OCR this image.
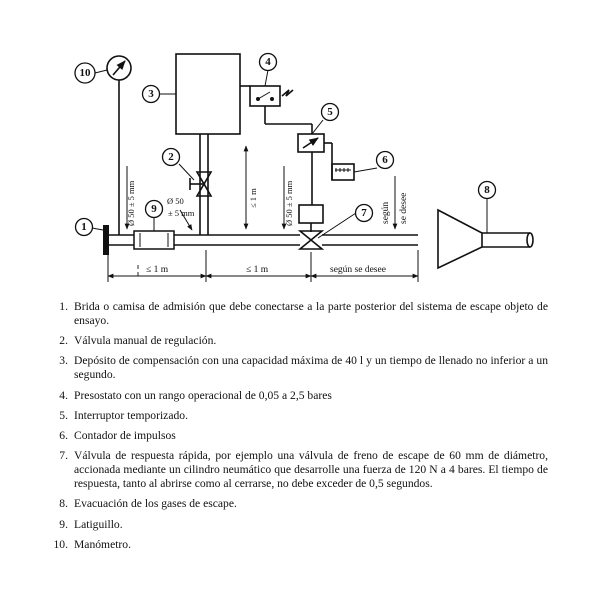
Ø 50 ± 5 mm	Ø 50
± 5 mm
≤ 1 m	Ø 50 ± 5 mm	según se desee
≤ 1 m	≤ 1 m	según se desee
1
2
3
4
5
6
7
8
9
10
1. Brida o camisa de admisión que debe conectarse a la parte posterior del sistema de escape objeto de ensayo.
2. Válvula manual de regulación.
3. Depósito de compensación con una capacidad máxima de 40 l y un tiempo de llenado no inferior a un segundo.
4. Presostato con un rango operacional de 0,05 a 2,5 bares
5. Interruptor temporizado.
6. Contador de impulsos
7. Válvula de respuesta rápida, por ejemplo una válvula de freno de escape de 60 mm de diámetro, accionada mediante un cilindro neumático que desarrolle una fuerza de 120 N a 4 bares. El tiempo de respuesta, tanto al abrirse como al cerrarse, no debe exceder de 0,5 segundos.
8. Evacuación de los gases de escape.
9. Latiguillo.
10. Manómetro.
